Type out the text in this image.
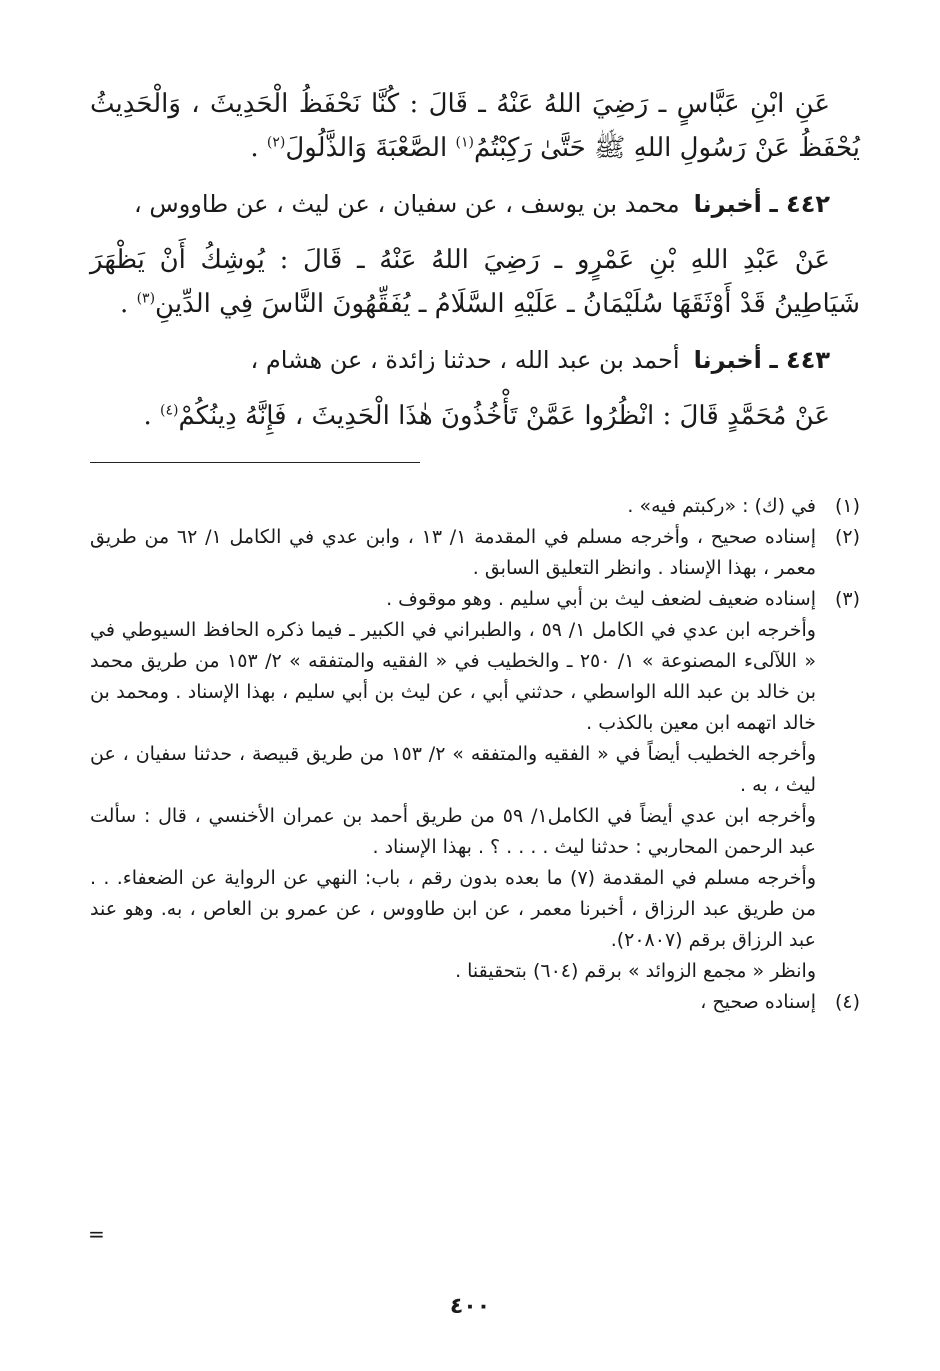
عَنِ ابْنِ عَبَّاسٍ ـ رَضِيَ اللهُ عَنْهُ ـ قَالَ : كُنَّا نَحْفَظُ الْحَدِيثَ ، وَالْحَدِيثُ يُحْفَظُ عَنْ رَسُولِ اللهِ ﷺ حَتَّىٰ رَكِبْتُمُ$^{(١)}$ الصَّعْبَةَ وَالذَّلُولَ$^{(٢)}$ .

٤٤٢ ـ أخبرنامحمد بن يوسف ، عن سفيان ، عن ليث ، عن طاووس ،

عَنْ عَبْدِ اللهِ بْنِ عَمْرٍو ـ رَضِيَ اللهُ عَنْهُ ـ قَالَ : يُوشِكُ أَنْ يَظْهَرَ شَيَاطِينُ قَدْ أَوْثَقَهَا سُلَيْمَانُ ـ عَلَيْهِ السَّلَامُ ـ يُفَقِّهُونَ النَّاسَ فِي الدِّينِ$^{(٣)}$ .

٤٤٣ ـ أخبرناأحمد بن عبد الله ، حدثنا زائدة ، عن هشام ،

عَنْ مُحَمَّدٍ قَالَ : انْظُرُوا عَمَّنْ تَأْخُذُونَ هٰذَا الْحَدِيثَ ، فَإِنَّهُ دِينُكُمْ$^{(٤)}$ .

(١)

في (ك) : «ركبتم فيه» .

(٢)

إسناده صحيح ، وأخرجه مسلم في المقدمة ١/ ١٣ ، وابن عدي في الكامل ١/ ٦٢ من طريق معمر ، بهذا الإسناد . وانظر التعليق السابق .

(٣)

إسناده ضعيف لضعف ليث بن أبي سليم . وهو موقوف .

وأخرجه ابن عدي في الكامل ١/ ٥٩ ، والطبراني في الكبير ـ فيما ذكره الحافظ السيوطي في « اللآلىء المصنوعة » ١/ ٢٥٠ ـ والخطيب في « الفقيه والمتفقه » ٢/ ١٥٣ من طريق محمد بن خالد بن عبد الله الواسطي ، حدثني أبي ، عن ليث بن أبي سليم ، بهذا الإسناد . ومحمد بن خالد اتهمه ابن معين بالكذب .

وأخرجه الخطيب أيضاً في « الفقيه والمتفقه » ٢/ ١٥٣ من طريق قبيصة ، حدثنا سفيان ، عن ليث ، به .

وأخرجه ابن عدي أيضاً في الكامل١/ ٥٩ من طريق أحمد بن عمران الأخنسي ، قال : سألت عبد الرحمن المحاربي : حدثنا ليث . . . . ؟ . بهذا الإسناد .

وأخرجه مسلم في المقدمة (٧) ما بعده بدون رقم ، باب: النهي عن الرواية عن الضعفاء. . . من طريق عبد الرزاق ، أخبرنا معمر ، عن ابن طاووس ، عن عمرو بن العاص ، به. وهو عند عبد الرزاق برقم (٢٠٨٠٧).

وانظر « مجمع الزوائد » برقم (٦٠٤) بتحقيقنا .

(٤)

إسناده صحيح ،

=
٤٠٠
